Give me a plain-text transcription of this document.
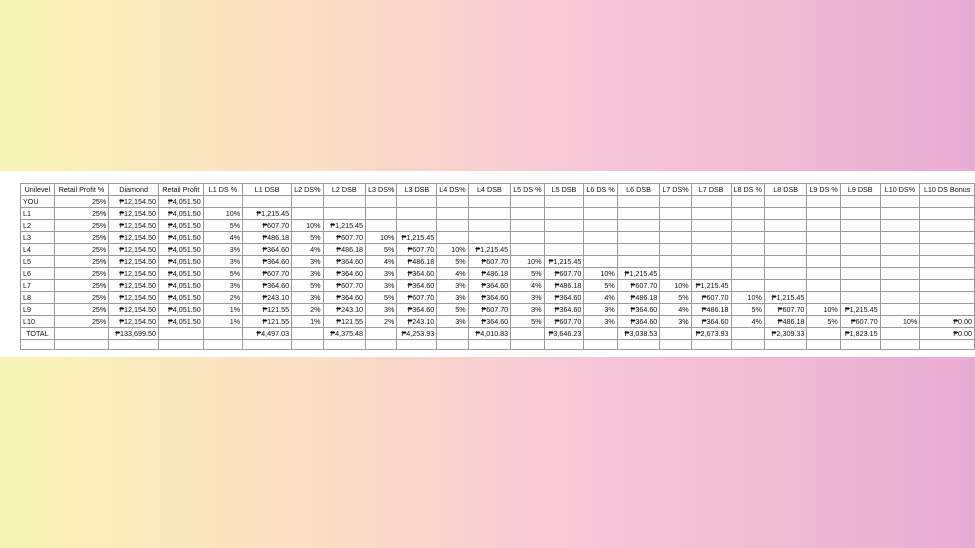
Unilevel	Retail Profit %	Diamond	Retail Profit	L1 DS %	L1 DSB	L2 DS%	L2 DSB	L3 DS%	L3 DSB	L4 DS%	L4 DSB	L5 DS %	L5 DSB	L6 DS %	L6 DSB	L7 DS%	L7 DSB	L8 DS %	L8 DSB	L9 DS %	L9 DSB	L10 DS%	L10 DS Bonus
YOU	25%	₱12,154.50	₱4,051.50																				
L1	25%	₱12,154.50	₱4,051.50	10%	₱1,215.45																		
L2	25%	₱12,154.50	₱4,051.50	5%	₱607.70	10%	₱1,215.45																
L3	25%	₱12,154.50	₱4,051.50	4%	₱486.18	5%	₱607.70	10%	₱1,215.45														
L4	25%	₱12,154.50	₱4,051.50	3%	₱364.60	4%	₱486.18	5%	₱607.70	10%	₱1,215.45												
L5	25%	₱12,154.50	₱4,051.50	3%	₱364.60	3%	₱364.60	4%	₱486.18	5%	₱607.70	10%	₱1,215.45										
L6	25%	₱12,154.50	₱4,051.50	5%	₱607.70	3%	₱364.60	3%	₱364.60	4%	₱486.18	5%	₱607.70	10%	₱1,215.45								
L7	25%	₱12,154.50	₱4,051.50	3%	₱364.60	5%	₱607.70	3%	₱364.60	3%	₱364.60	4%	₱486.18	5%	₱607.70	10%	₱1,215.45						
L8	25%	₱12,154.50	₱4,051.50	2%	₱243.10	3%	₱364.60	5%	₱607.70	3%	₱364.60	3%	₱364.60	4%	₱486.18	5%	₱607.70	10%	₱1,215.45				
L9	25%	₱12,154.50	₱4,051.50	1%	₱121.55	2%	₱243.10	3%	₱364.60	5%	₱607.70	3%	₱364.60	3%	₱364.60	4%	₱486.18	5%	₱607.70	10%	₱1,215.45		
L10	25%	₱12,154.50	₱4,051.50	1%	₱121.55	1%	₱121.55	2%	₱243.10	3%	₱364.60	5%	₱607.70	3%	₱364.60	3%	₱364.60	4%	₱486.18	5%	₱607.70	10%	₱0.00
TOTAL		₱133,699.50			₱4,497.03		₱4,375.48		₱4,253.93		₱4,010.83		₱3,646.23		₱3,038.53		₱2,673.93		₱2,309.33		₱1,823.15		₱0.00
